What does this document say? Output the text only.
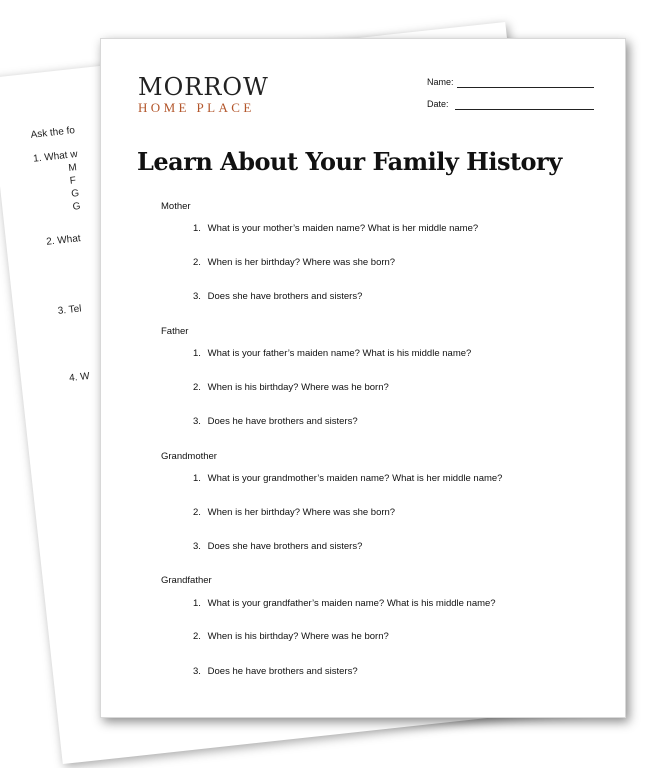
Ask the fo
1. What w
M
F
G
G
2. What
3. Tel
4. W
MORROW
HOME PLACE
Name:
Date:
Learn About Your Family History
Mother
1. What is your mother’s maiden name? What is her middle name?
2. When is her birthday? Where was she born?
3. Does she have brothers and sisters?
Father
1. What is your father’s maiden name? What is his middle name?
2. When is his birthday? Where was he born?
3. Does he have brothers and sisters?
Grandmother
1. What is your grandmother’s maiden name? What is her middle name?
2. When is her birthday? Where was she born?
3. Does she have brothers and sisters?
Grandfather
1. What is your grandfather’s maiden name? What is his middle name?
2. When is his birthday? Where was he born?
3. Does he have brothers and sisters?
